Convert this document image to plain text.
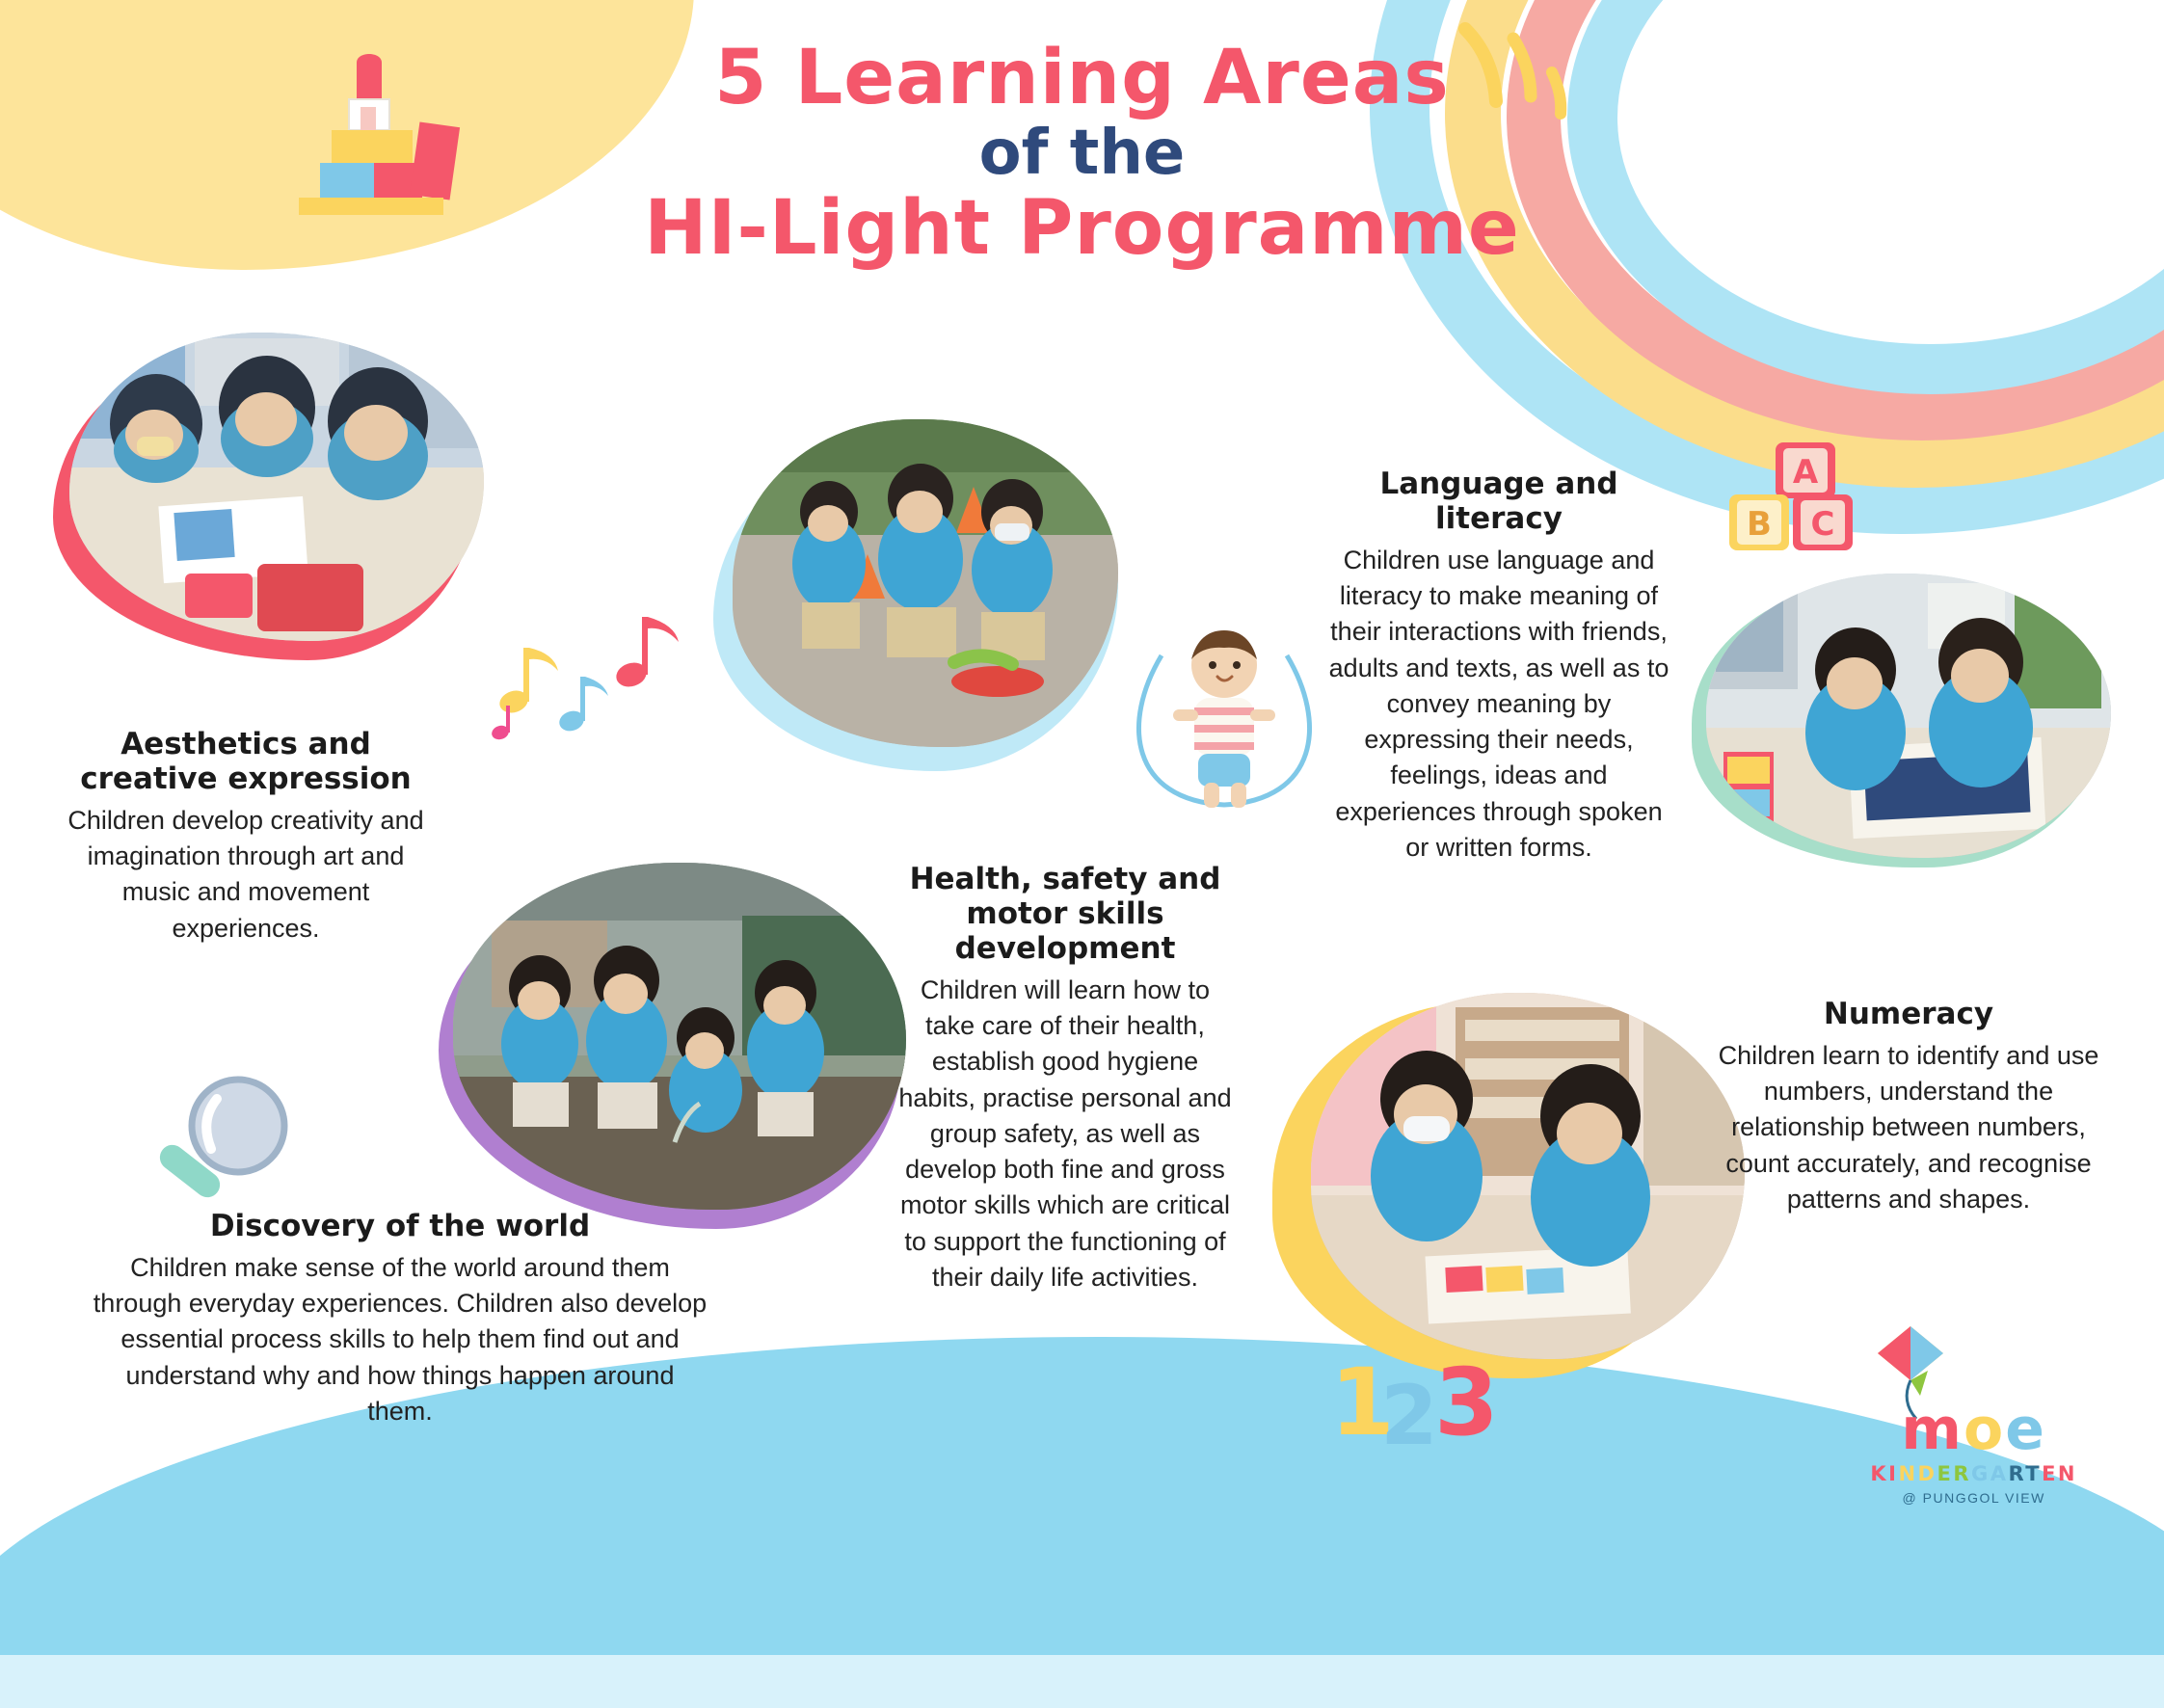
5 Learning Areas
of the
HI-Light Programme
A
B C
1
2
3
Aesthetics and
creative expression

Children develop creativity and imagination through art and music and movement experiences.

Health, safety and
motor skills
development

Children will learn how to take care of their health, establish good hygiene habits, practise personal and group safety, as well as develop both fine and gross motor skills which are critical to support the functioning of their daily life activities.

Language and literacy

Children use language and literacy to make meaning of their interactions with friends, adults and texts, as well as to convey meaning by expressing their needs, feelings, ideas and experiences through spoken or written forms.

Discovery of the world

Children make sense of the world around them through everyday experiences. Children also develop essential process skills to help them find out and understand why and how things happen around them.

Numeracy

Children learn to identify and use numbers, understand the relationship between numbers, count accurately, and recognise patterns and shapes.

moe
KINDERGARTEN
@ PUNGGOL VIEW
